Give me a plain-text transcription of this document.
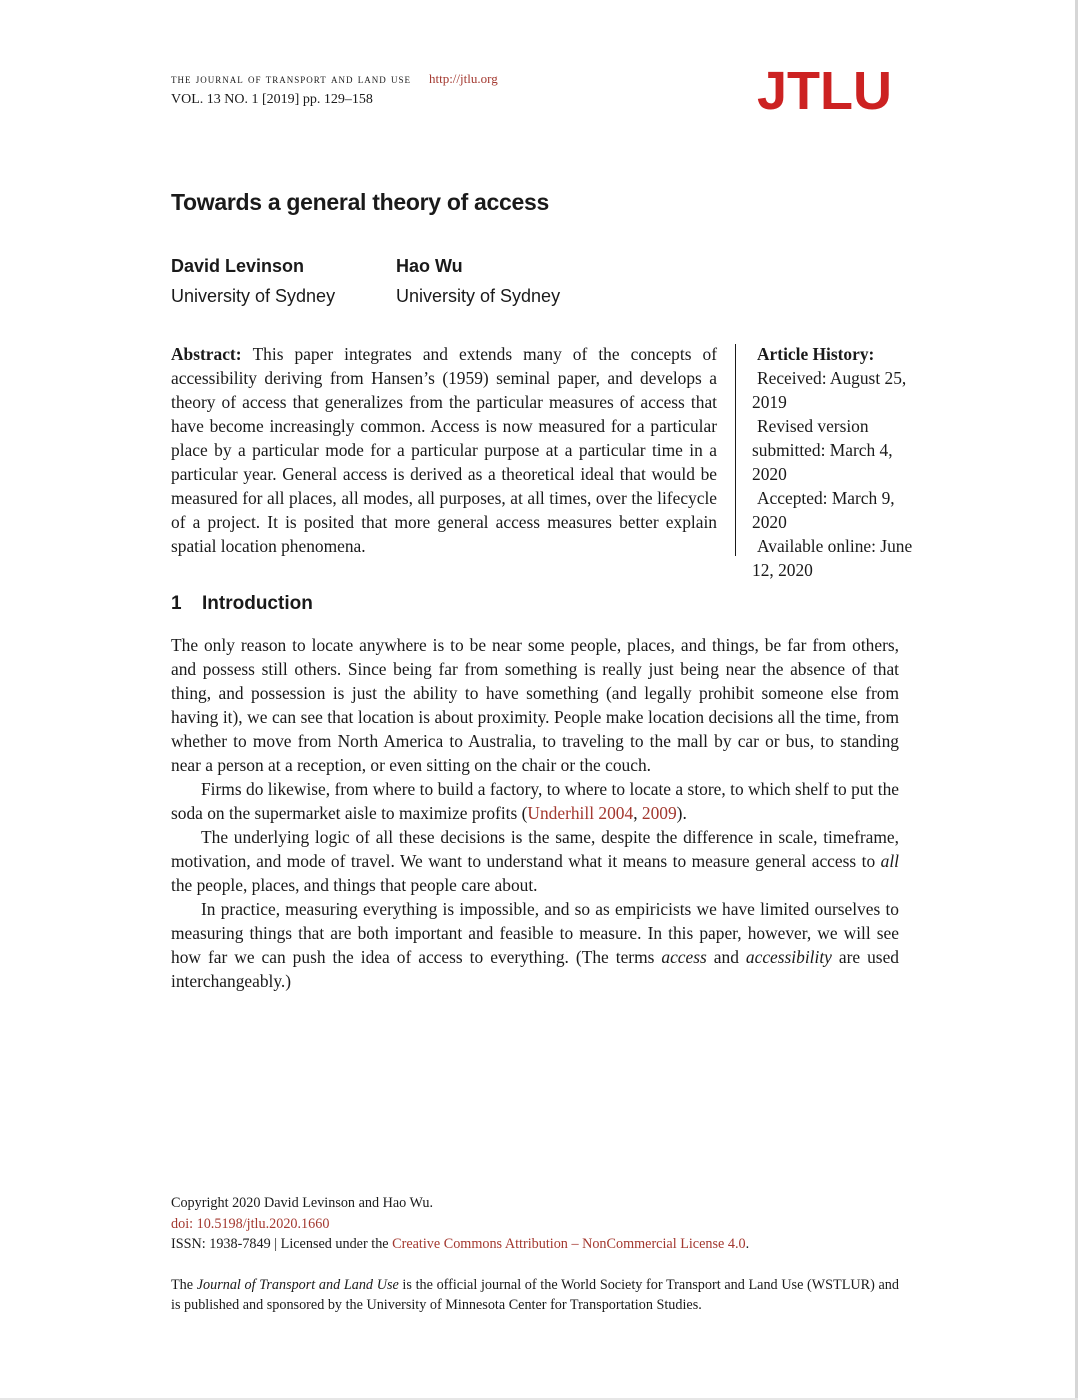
the journal of transport and land use http://jtlu.org
VOL. 13 NO. 1 [2019] pp. 129–158	JTLU
Towards a general theory of access
David Levinson
University of Sydney
Hao Wu
University of Sydney
Abstract: This paper integrates and extends many of the concepts of accessibility deriving from Hansen’s (1959) seminal paper, and develops a theory of access that generalizes from the particular measures of access that have become increasingly common. Access is now measured for a particular place by a particular mode for a particular purpose at a particular time in a particular year. General access is derived as a theoretical ideal that would be measured for all places, all modes, all purposes, at all times, over the lifecycle of a project. It is posited that more general access measures better explain spatial location phenomena.
Article History:
Received: August 25, 2019
Revised version submitted: March 4, 2020
Accepted: March 9, 2020
Available online: June 12, 2020
1 Introduction

The only reason to locate anywhere is to be near some people, places, and things, be far from others, and possess still others. Since being far from something is really just being near the absence of that thing, and possession is just the ability to have something (and legally prohibit someone else from having it), we can see that location is about proximity. People make location decisions all the time, from whether to move from North America to Australia, to traveling to the mall by car or bus, to standing near a person at a reception, or even sitting on the chair or the couch.

Firms do likewise, from where to build a factory, to where to locate a store, to which shelf to put the soda on the supermarket aisle to maximize profits (Underhill 2004, 2009).

The underlying logic of all these decisions is the same, despite the difference in scale, timeframe, motivation, and mode of travel. We want to understand what it means to measure general access to all the people, places, and things that people care about.

In practice, measuring everything is impossible, and so as empiricists we have limited ourselves to measuring things that are both important and feasible to measure. In this paper, however, we will see how far we can push the idea of access to everything. (The terms access and accessibility are used interchangeably.)

Copyright 2020 David Levinson and Hao Wu.
doi: 10.5198/jtlu.2020.1660
ISSN: 1938-7849 | Licensed under the Creative Commons Attribution – NonCommercial License 4.0.
The Journal of Transport and Land Use is the official journal of the World Society for Transport and Land Use (WSTLUR) and is published and sponsored by the University of Minnesota Center for Transportation Studies.
